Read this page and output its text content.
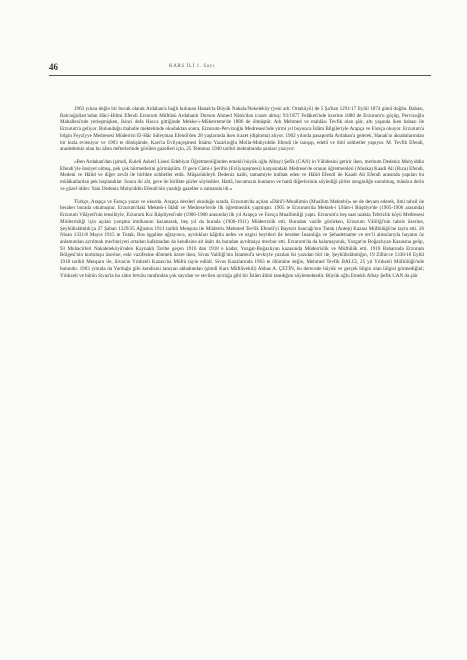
46	KARS İLİ 1. Sayı

1963 yılına değin bir bucak olarak Ardahan'a bağlı bulunan Hanak'ta Büyük Nakala/Nekeleköy (yeni adı: Ortaköyü) de 5 Şa'ban 1291/17 Eylül 1874 günü doğdu. Babası, Balcıoğulları'ndan Hâci-Hilmi Efendi Erzurum Müftüsü Ardahanlı Dursun Ahmed Nâtık'dan icazet almış: 93/1877 Felâketi'nde üzerine 1880 de Erzurum'u göçüp, Pervizoğlu Mahallesi'nde yerleşmişken, ikinci defa Hacca gittiğinde Mekke-i-Mükerreme'de 1886 de ölmüştür. Adı Mehmed ve mahlâsı Tevfik olan şâir, altı yaşında iken babası ile Erzurum'a geliyor. Bulunduğu mahalle mektebinde okuduktan sonra, Erzurum-Pervizoğlu Medresesi'nde yirmi yıl boyunca İslâm Bilgileriyle Arapça ve Farsça okuyor. Erzurum'a bilgin Feyzîyye Medresesi Müderrisi El-Hâc Süleyman Efendi'den 28 yaşlarında iken icazet (diploma) alıyor. 1902 yılında pasaportla Ardahan'a gelerek, Hanak'ın akrabalarından bir kızla evleniyor ve 1903 te dönüşünde, Kars'ta Evliyaçeşmesi İmâmı Yazarlıoğlu Molla-Muhyiddin Efendi ile tanışıp, edebî ve ilmî sohbetler yapıyor. M. Tevfik Efendi, anadedemiz olan bu zâtın defterlerinde görülen gazelleri için, 25 Temmuz 1940 tarihli mektubunda şunları yazıyor:

«Ben Ardahan'dan (şimdi, Kuleli Askerî Lisesi Edebiyat Öğretmenliğinden emekli büyük oğlu Albay) Şefik (CAN) in Vâlidesini getirir iken, merhum Dedeniz Muhyiddin Efendi'yle ünsiyet olmuş, pek çok hürmetlerini görmüştüm. O gece Câmi-i Şerifin (Evliyaçeşmesi) karşısındaki Medrese'de oranın öğretmenleri (Ahıska) Kaadi Ali (Rıza) Efendi, Medeni ve Hâlid ve diğer zevât ile birlikte sohbetler ettik. Müşarûnileyh Dedeniz kalbi, tamamiyle intibak eden ve Hâlid Efendi ile Kaadi Ali Efendi arasında yapılan bu mülâkatlardan pek hoşlandılar. Sonra iki zât, gece ile birlikte şiirler söylediler. Hattâ, hocamızın bunların ve hattâ diğerlerinin söylediği şiirler zenginliğe sunulmuş, mânâca derin ve güzel idiler. Yani Dedeniz Muhyiddin Efendi'nin yazdığı gazeller o zamanda idi.»

Türkçe, Arapça ve Farsça yazar ve okurdu. Arapça dersleri okuduğu sırada, Erzurum'da açılan «Dârü'l-Muallimin (Muallim Mektebi)» ne de devam ederek, ilmi tahsil ile beraber burada okumuştur. Erzurum'daki Mekteb-i İdâdî ve Medrese'lerde ilk öğretmenlik yapmıştır. 1905 te Erzurum'da Mekteb-i Ulûm-i Rüşdiye'de (1905-1906 arasında) Erzurum Vilâyeti'nin tensibiyle, Erzurum Kız Rüşdiyesi'nde (1906-1908 arasında) ilk yıl Arapça ve Farsça Muallimliği yaptı. Erzurum'a beş saat uzakta Tebrizlik köyü Medresesi Müderrisliği için açılan yarışma imtihanını kazanarak, beş yıl da burada (1906-1911) Müderrislik etti. Buradan vazife görürken, Erzurum Vâliliği'nin tahsis üzerine, Şeyhülislâmlık'ça 27 Şaban 1329/25 Ağustos 1911 tarihli Menşura ile Müderris Mehmed Tevfik Efendi'yi Bayezit Sancağı'nın Tutak (Antep) Kazası Müftülüğü'ne tayin etti. 26 Nisan 1331/8 Mayıs 1915 te Tutak, Rus işgaline uğrayınca, ayrılıkları kâğıtla nefes ve ezgisi beyitleri ile beraber İnsanlığa ve Şehadetname ve tev'il alıntılarıyla hayatın öz anlamından ayrılmak mecburiyeti ortadan kalkmadan da kendisine ait âsârı da buradan ayrılmaya mecbur etti. Erzurum'da da kalamayarak, Yozgat'ın Boğazlıyan Kazasına gelip, 93 Muhacirleri Nakaleleköyü'nden Kaynaklı Tarihe geçen 1916 dan 1918 e kadar, Yozgat-Boğazlıyan kazasında Müderrislik ve Müftülük etti. 1918 Baharında Erzurum Bölgesi'nin kurtuluşu üzerine, eski vazifesine dönmek üzere iken, Sivas Valiliği'nin İstanbul'a sevkiyle yazılan iki yazıdan biri ile, Şeyhülislâmlığın, 19 Zilhicce 1336/16 Eylül 1918 tarihli Menşuru ile, Sivas'ın Yıldızeli Kazası'na Müftü tayin edildi. Sivas Kazalarında 1963 te ölümüne değin, Mehmed Tevfik BALCI, 25 yıl Yıldızeli Müftülüğü'nde bulundu. 1963 yılında da Yurduğu gibi kendisini tanıyan ahbabından (şimdi Kars Müftüvekili) Abbas A. ÇETİN, bu derecede büyük ve gerçek bilgin olan bilgisi görmediğini; Yıldızeli ve bütün Sivas'ta bu zâtın fetvâsı tarafından çok sayıdan ve sevilen ayrılığa gibi bir İslâm âlimi tanıdığını söylemektedir. Büyük oğlu Emekli Albay Şefik CAN da şâir
